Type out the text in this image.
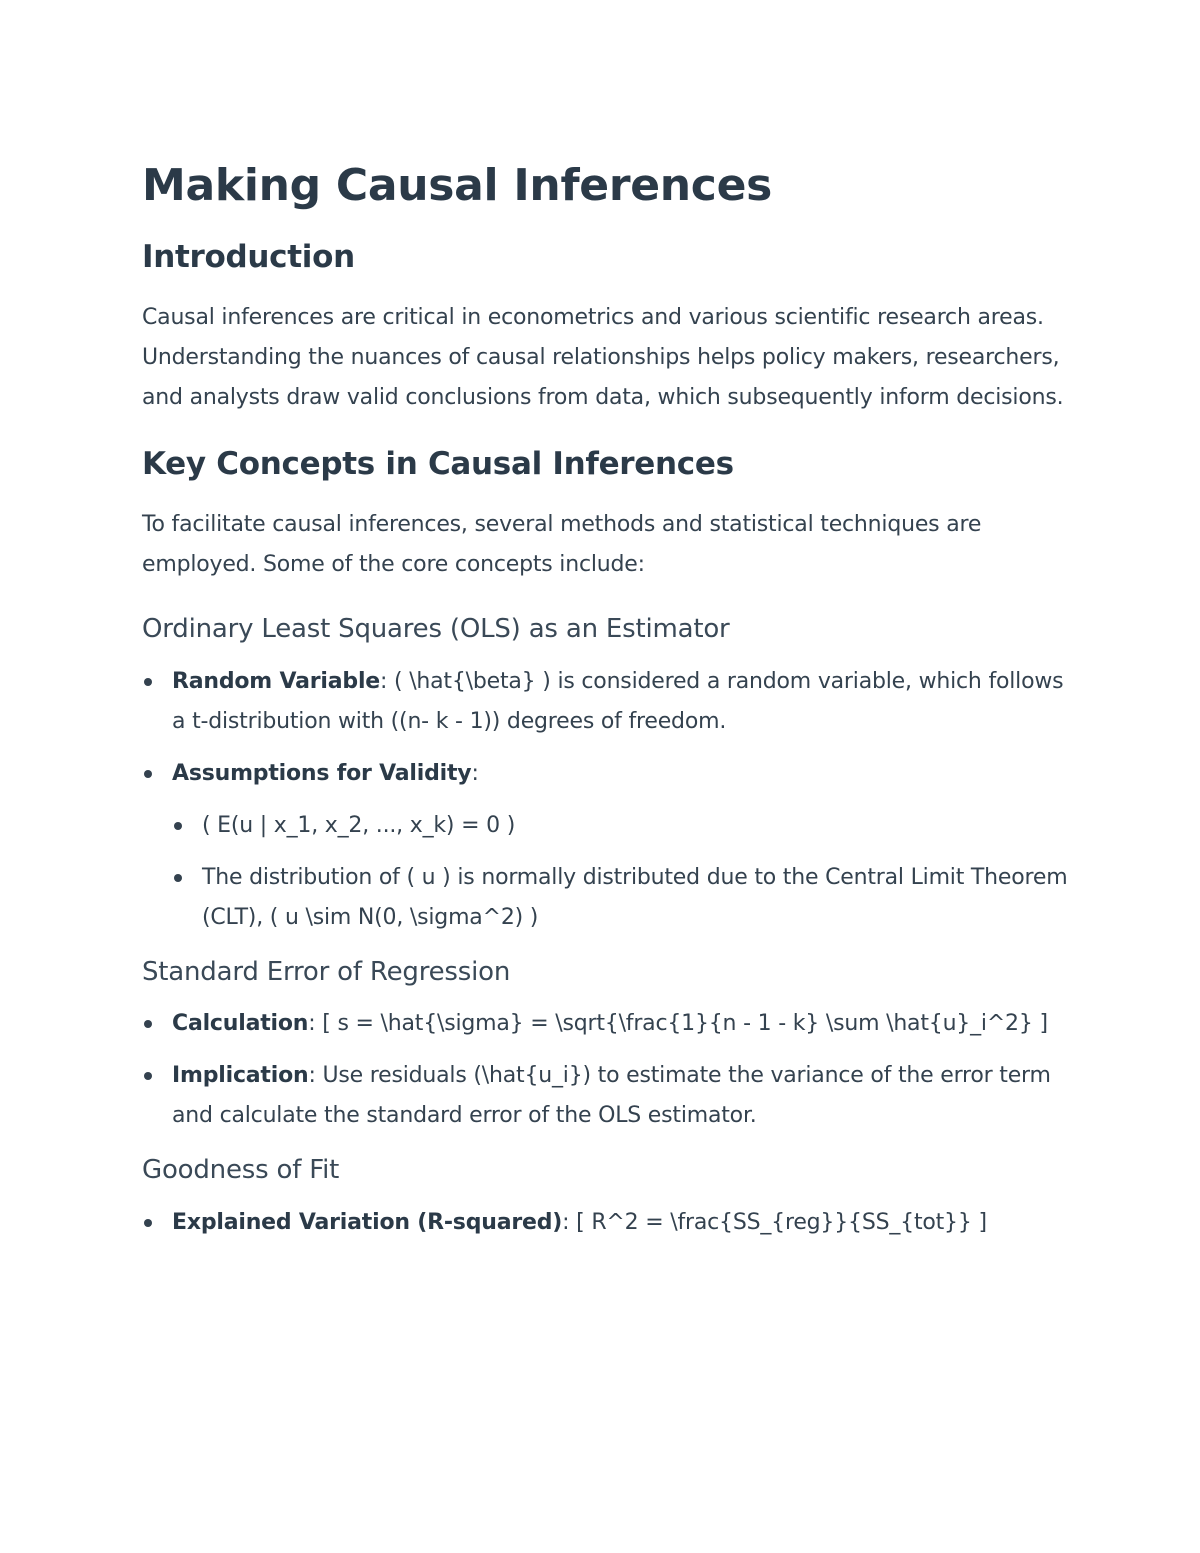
Making Causal Inferences
Introduction

Causal inferences are critical in econometrics and various scientific research areas. Understanding the nuances of causal relationships helps policy makers, researchers, and analysts draw valid conclusions from data, which subsequently inform decisions.

Key Concepts in Causal Inferences

To facilitate causal inferences, several methods and statistical techniques are employed. Some of the core concepts include:

Ordinary Least Squares (OLS) as an Estimator
Random Variable: ( \hat{\beta} ) is considered a random variable, which follows a t-distribution with ((n- k - 1)) degrees of freedom.
Assumptions for Validity:
( E(u | x_1, x_2, ..., x_k) = 0 )
The distribution of ( u ) is normally distributed due to the Central Limit Theorem (CLT), ( u \sim N(0, \sigma^2) )
Standard Error of Regression
Calculation: [ s = \hat{\sigma} = \sqrt{\frac{1}{n - 1 - k} \sum \hat{u}_i^2} ]
Implication: Use residuals (\hat{u_i}) to estimate the variance of the error term and calculate the standard error of the OLS estimator.
Goodness of Fit
Explained Variation (R-squared): [ R^2 = \frac{SS_{reg}}{SS_{tot}} ]
